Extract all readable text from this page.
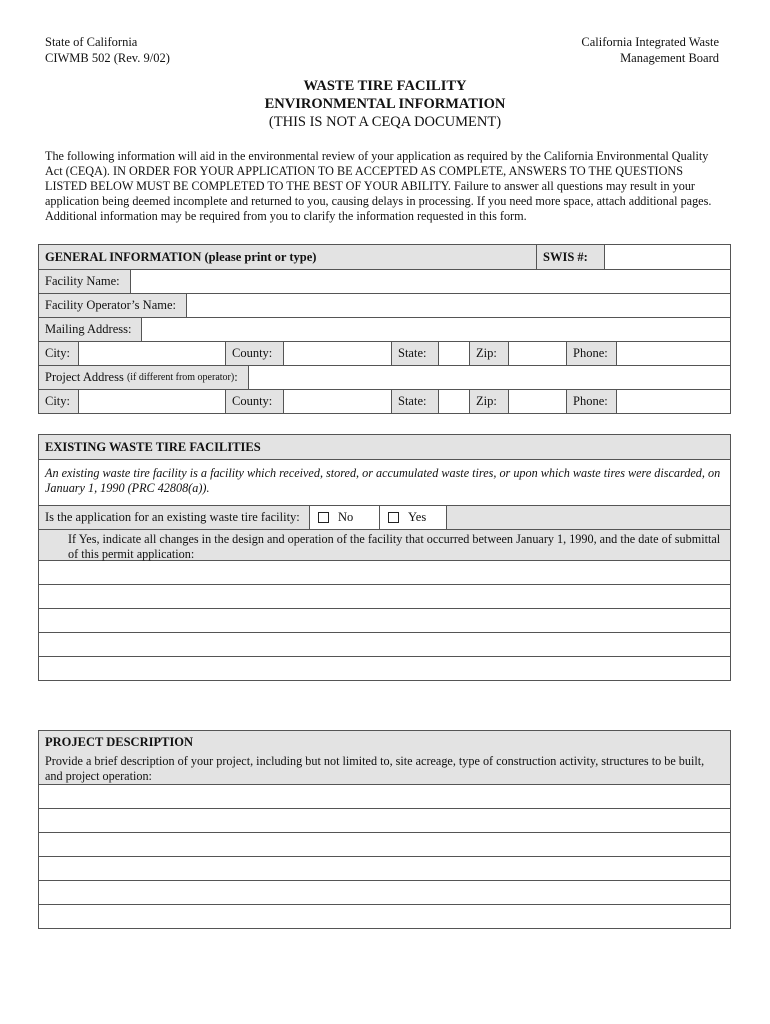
State of California
CIWMB 502 (Rev. 9/02)
California Integrated Waste
Management Board
WASTE TIRE FACILITY
ENVIRONMENTAL INFORMATION
(THIS IS NOT A CEQA DOCUMENT)
The following information will aid in the environmental review of your application as required by the California Environmental Quality Act (CEQA). IN ORDER FOR YOUR APPLICATION TO BE ACCEPTED AS COMPLETE, ANSWERS TO THE QUESTIONS LISTED BELOW MUST BE COMPLETED TO THE BEST OF YOUR ABILITY. Failure to answer all questions may result in your application being deemed incomplete and returned to you, causing delays in processing. If you need more space, attach additional pages. Additional information may be required from you to clarify the information requested in this form.
GENERAL INFORMATION (please print or type)	SWIS #:
Facility Name:
Facility Operator’s Name:
Mailing Address:
City:	County:	State:	Zip:	Phone:
Project Address
(if different from operator) :
City:	County:	State:	Zip:	Phone:
EXISTING WASTE TIRE FACILITIES
An existing waste tire facility is a facility which received, stored, or accumulated waste tires, or upon which waste tires were discarded, on January 1, 1990 (PRC 42808(a)).
Is the application for an existing waste tire facility:	No	Yes
If Yes, indicate all changes in the design and operation of the facility that occurred between January 1, 1990, and the date of submittal of this permit application:
PROJECT DESCRIPTION
Provide a brief description of your project, including but not limited to, site acreage, type of construction activity, structures to be built, and project operation:
